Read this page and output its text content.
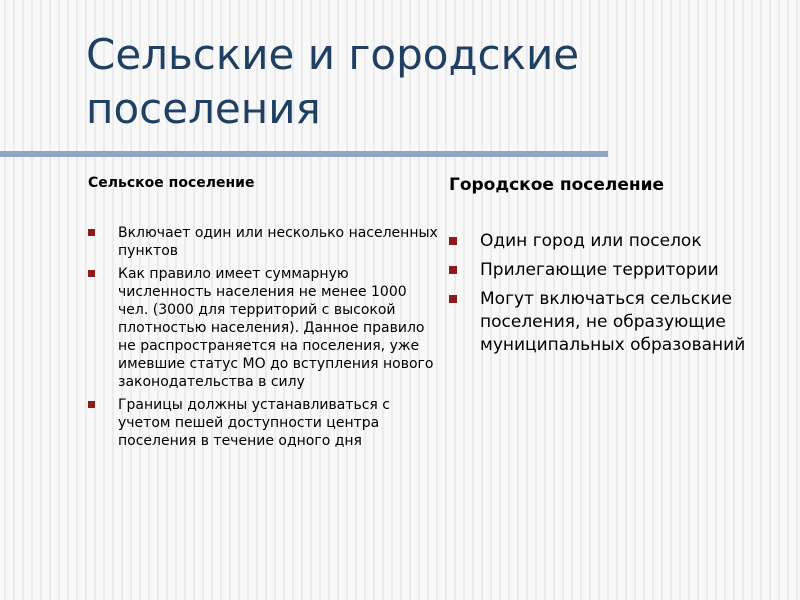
Сельские и городские поселения
Сельское поселение
Включает один или несколько населенных пунктов
Как правило имеет суммарную численность населения не менее 1000 чел. (3000 для территорий с высокой плотностью населения). Данное правило не распространяется на поселения, уже имевшие статус МО до вступления нового законодательства в силу
Границы должны устанавливаться с учетом пешей доступности центра поселения в течение одного дня
Городское поселение
Один город или поселок
Прилегающие территории
Могут включаться сельские поселения, не образующие муниципальных образований
